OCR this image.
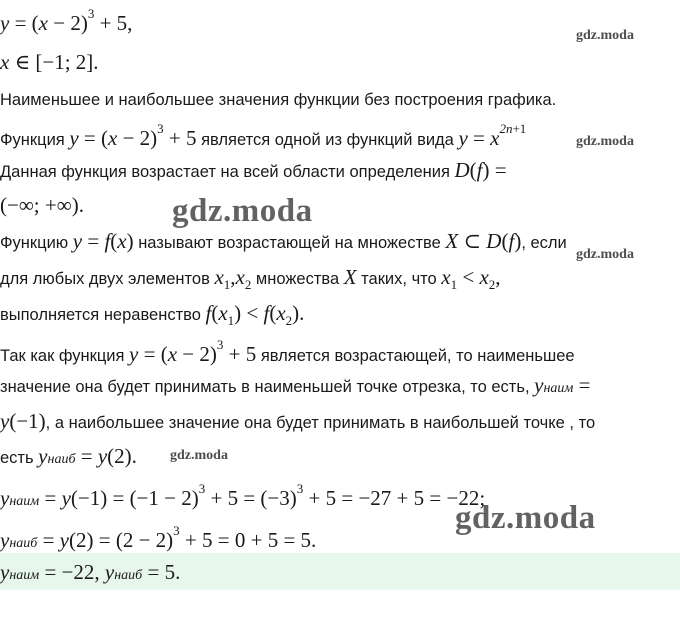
$y = (x - 2)^3 + 5$,
x ∈ [−1; 2].
Наименьшее и наибольшее значения функции без построения графика.
Функция $y = (x - 2)^3 + 5$ является одной из функций вида $y = x^{2n+1}$
Данная функция возрастает на всей области определения D(f) =
(−∞; +∞).
Функцию y = f(x) называют возрастающей на множестве X ⊂ D(f), если
для любых двух элементов $x_1,x_2$ множества X таких, что $x_1 < x_2$,
выполняется неравенство $f(x_1) < f(x_2)$.
Так как функция $y = (x - 2)^3 + 5$ является возрастающей, то наименьшее
значение она будет принимать в наименьшей точке отрезка, то есть, yнаим =
y(−1), а наибольшее значение она будет принимать в наибольшей точке , то
есть yнаиб = y(2).
yнаим = $y(-1) = (-1 - 2)^3 + 5 = (-3)^3 + 5 = -27 + 5 = -22$;
yнаиб = $y(2) = (2 - 2)^3 + 5 = 0 + 5 = 5$.
yнаим = −22, yнаиб = 5.
gdz.moda
gdz.moda
gdz.moda
gdz.moda
gdz.moda
gdz.moda
